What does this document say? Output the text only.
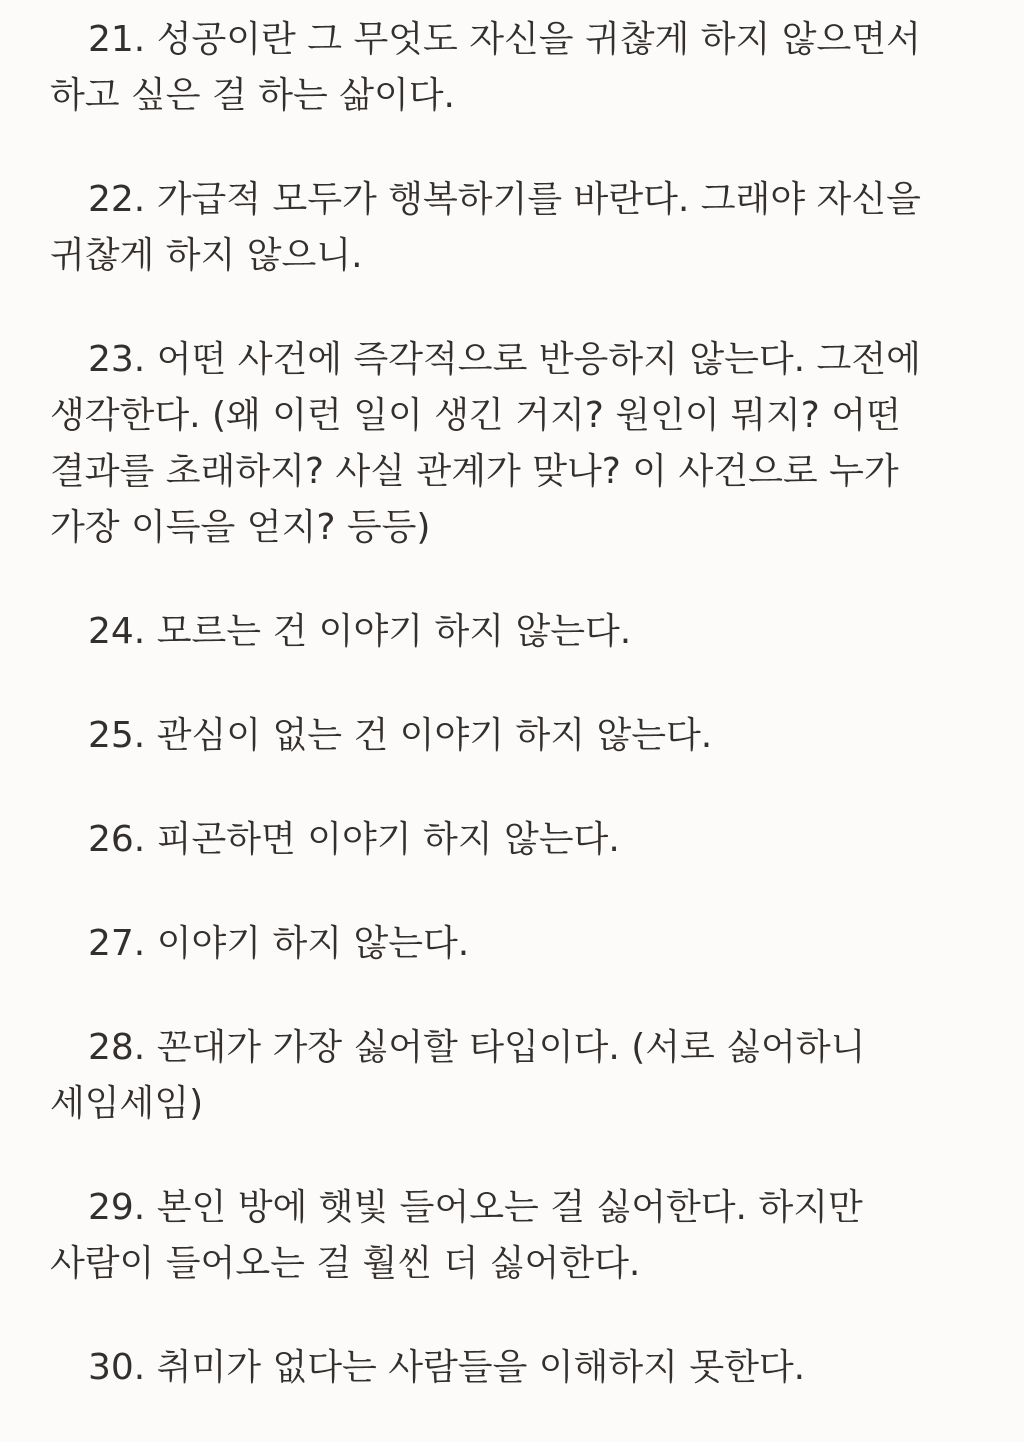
21. 성공이란 그 무엇도 자신을 귀찮게 하지 않으면서 하고 싶은 걸 하는 삶이다.

22. 가급적 모두가 행복하기를 바란다. 그래야 자신을 귀찮게 하지 않으니.

23. 어떤 사건에 즉각적으로 반응하지 않는다. 그전에 생각한다. (왜 이런 일이 생긴 거지? 원인이 뭐지? 어떤 결과를 초래하지? 사실 관계가 맞나? 이 사건으로 누가 가장 이득을 얻지? 등등)

24. 모르는 건 이야기 하지 않는다.

25. 관심이 없는 건 이야기 하지 않는다.

26. 피곤하면 이야기 하지 않는다.

27. 이야기 하지 않는다.

28. 꼰대가 가장 싫어할 타입이다. (서로 싫어하니 세임세임)

29. 본인 방에 햇빛 들어오는 걸 싫어한다. 하지만 사람이 들어오는 걸 훨씬 더 싫어한다.

30. 취미가 없다는 사람들을 이해하지 못한다.
